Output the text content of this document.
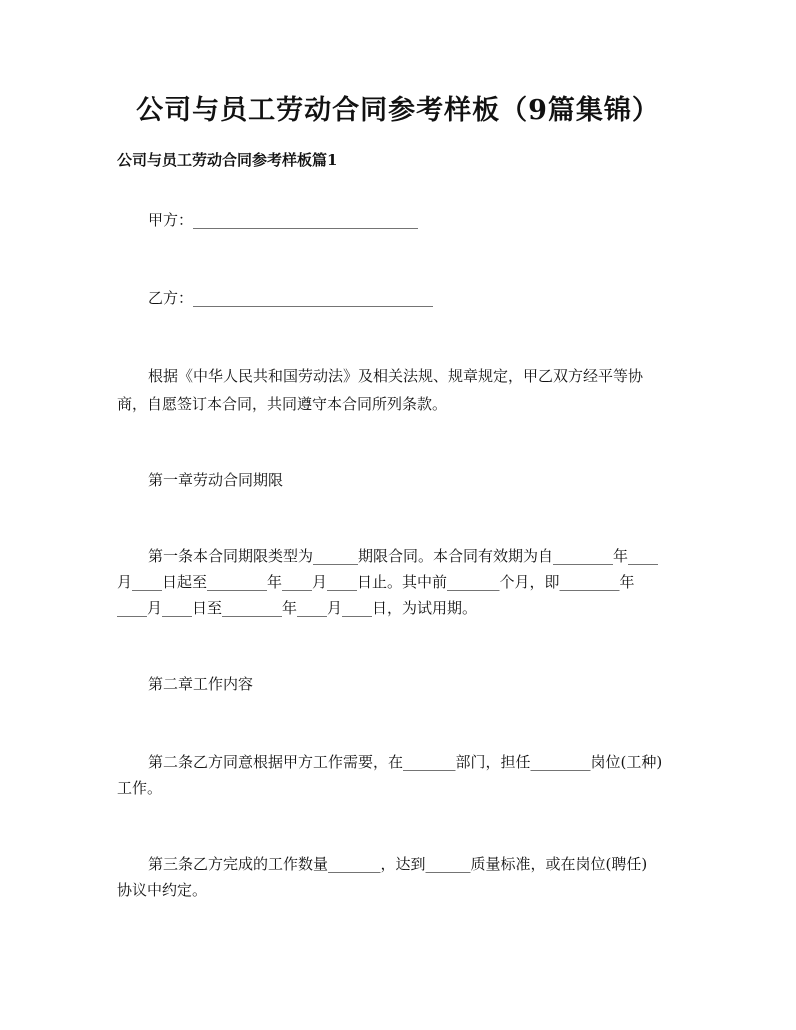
公司与员工劳动合同参考样板（9篇集锦）
公司与员工劳动合同参考样板篇1
甲方：______________________________
乙方：________________________________
根据《中华人民共和国劳动法》及相关法规、规章规定，甲乙双方经平等协
商，自愿签订本合同，共同遵守本合同所列条款。
第一章劳动合同期限
第一条本合同期限类型为______期限合同。本合同有效期为自________年____
月____日起至________年____月____日止。其中前_______个月，即________年
____月____日至________年____月____日，为试用期。
第二章工作内容
第二条乙方同意根据甲方工作需要，在_______部门，担任________岗位(工种)
工作。
第三条乙方完成的工作数量_______，达到______质量标准，或在岗位(聘任)
协议中约定。
